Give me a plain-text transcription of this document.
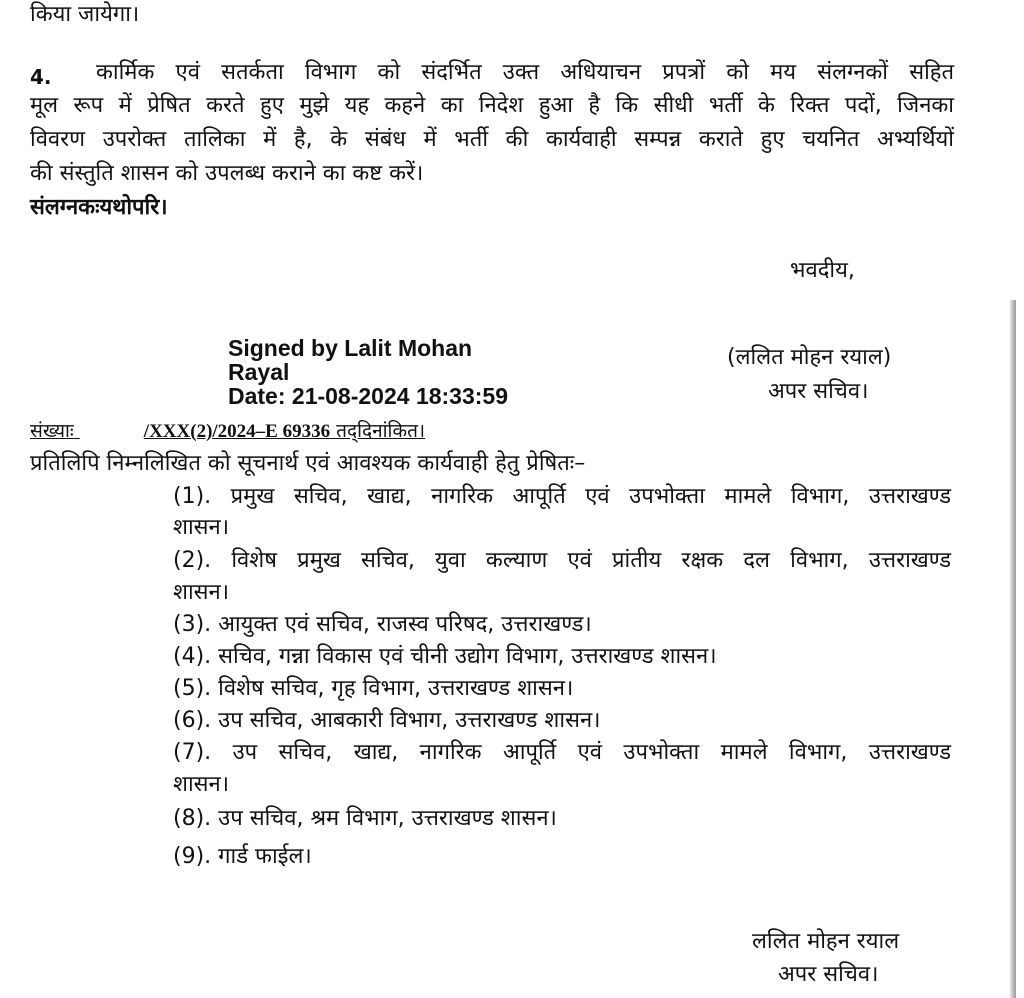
किया जायेगा।

4. कार्मिक एवं सतर्कता विभाग को संदर्भित उक्त अधियाचन प्रपत्रों को मय संलग्नकों सहित

मूल रूप में प्रेषित करते हुए मुझे यह कहने का निदेश हुआ है कि सीधी भर्ती के रिक्त पदों, जिनका

विवरण उपरोक्त तालिका में है, के संबंध में भर्ती की कार्यवाही सम्पन्न कराते हुए चयनित अभ्यर्थियों

की संस्तुति शासन को उपलब्ध कराने का कष्ट करें।

संलग्नकःयथोपरि।

भवदीय,

Signed by Lalit Mohan
Rayal
Date: 21-08-2024 18:33:59

(ललित मोहन रयाल)

अपर सचिव।

संख्याः	/XXX(2)/2024–E 69336 तद्‌दिनांकित।

प्रतिलिपि निम्नलिखित को सूचनार्थ एवं आवश्यक कार्यवाही हेतु प्रेषितः–

(1). प्रमुख सचिव, खाद्य, नागरिक आपूर्ति एवं उपभोक्ता मामले विभाग, उत्तराखण्ड

शासन।

(2). विशेष प्रमुख सचिव, युवा कल्याण एवं प्रांतीय रक्षक दल विभाग, उत्तराखण्ड

शासन।

(3). आयुक्त एवं सचिव, राजस्व परिषद, उत्तराखण्ड।

(4). सचिव, गन्ना विकास एवं चीनी उद्योग विभाग, उत्तराखण्ड शासन।

(5). विशेष सचिव, गृह विभाग, उत्तराखण्ड शासन।

(6). उप सचिव, आबकारी विभाग, उत्तराखण्ड शासन।

(7). उप सचिव, खाद्य, नागरिक आपूर्ति एवं उपभोक्ता मामले विभाग, उत्तराखण्ड

शासन।

(8). उप सचिव, श्रम विभाग, उत्तराखण्ड शासन।

(9). गार्ड फाईल।

ललित मोहन रयाल

अपर सचिव।
